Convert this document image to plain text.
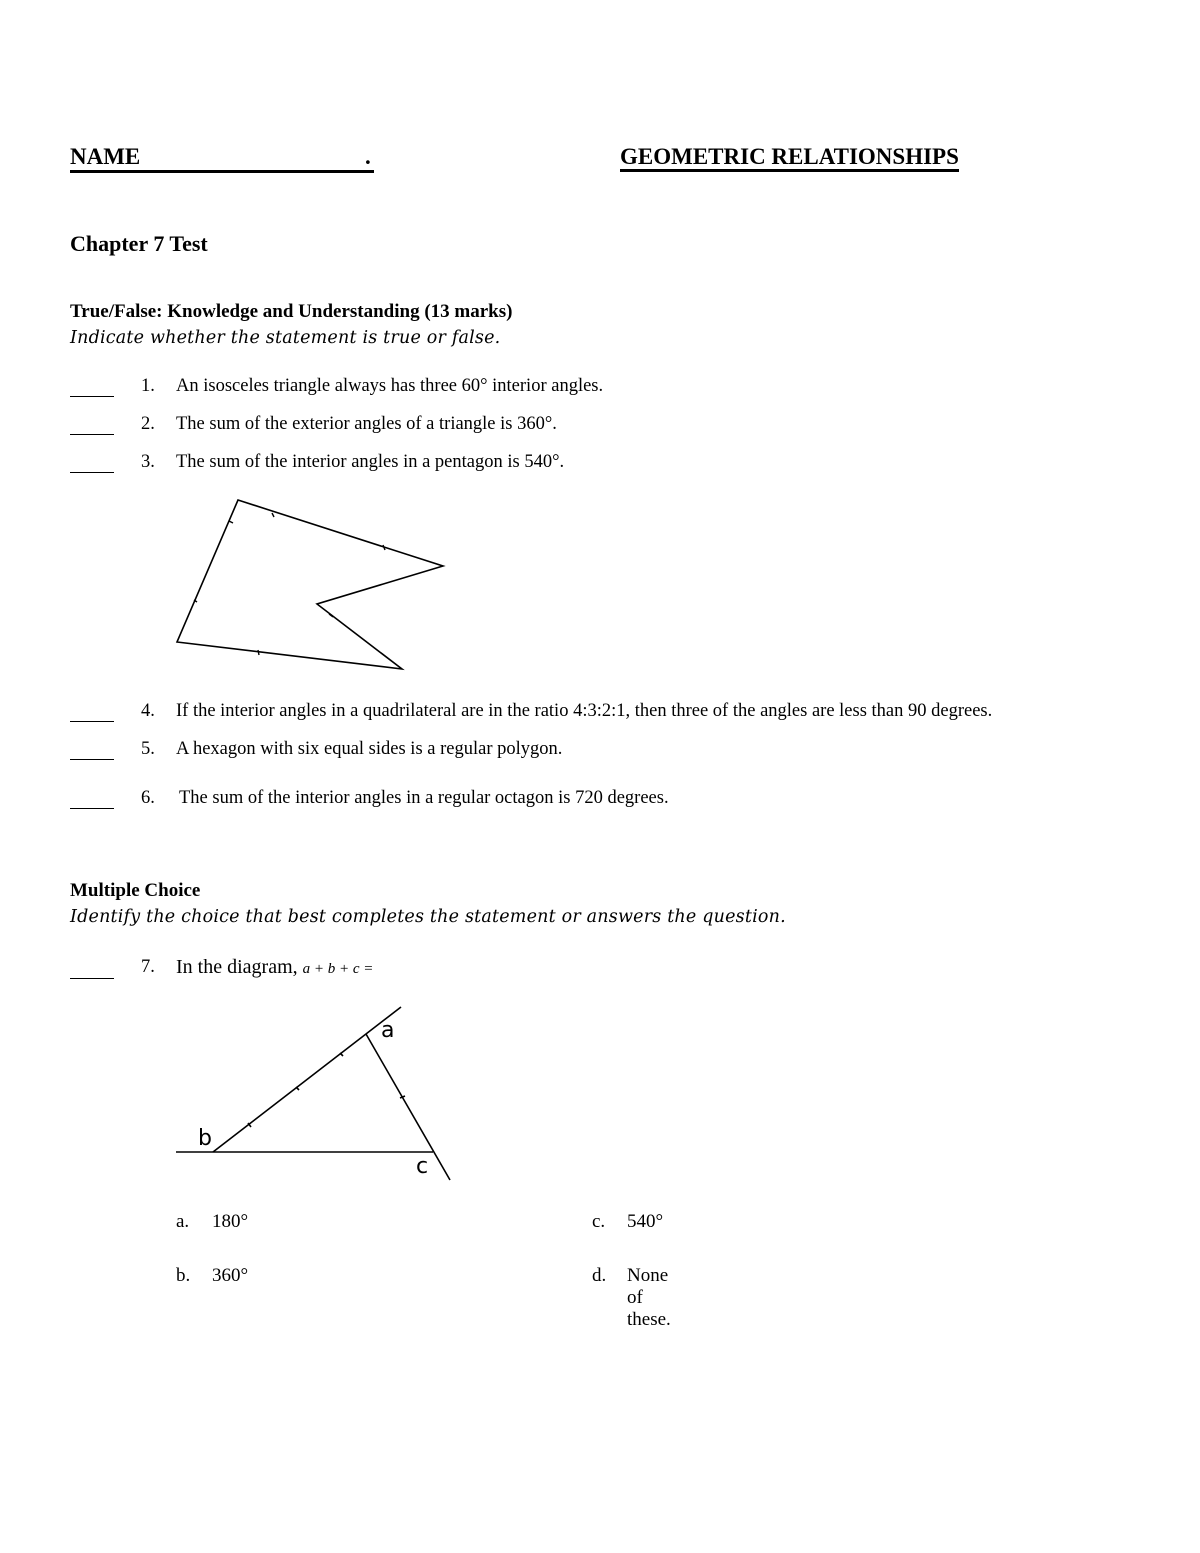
NAME	.	GEOMETRIC RELATIONSHIPS
Chapter 7 Test
True/False: Knowledge and Understanding (13 marks)
Indicate whether the statement is true or false.
1. An isosceles triangle always has three 60° interior angles.
2. The sum of the exterior angles of a triangle is 360°.
3. The sum of the interior angles in a pentagon is 540°.
a
b
c
4. If the interior angles in a quadrilateral are in the ratio 4:3:2:1, then three of the angles are less than 90 degrees.
5. A hexagon with six equal sides is a regular polygon.
6. The sum of the interior angles in a regular octagon is 720 degrees.
Multiple Choice
Identify the choice that best completes the statement or answers the question.
7. In the diagram, a + b + c =
a. 180°
b. 360°
c. 540°
d. None of these.
